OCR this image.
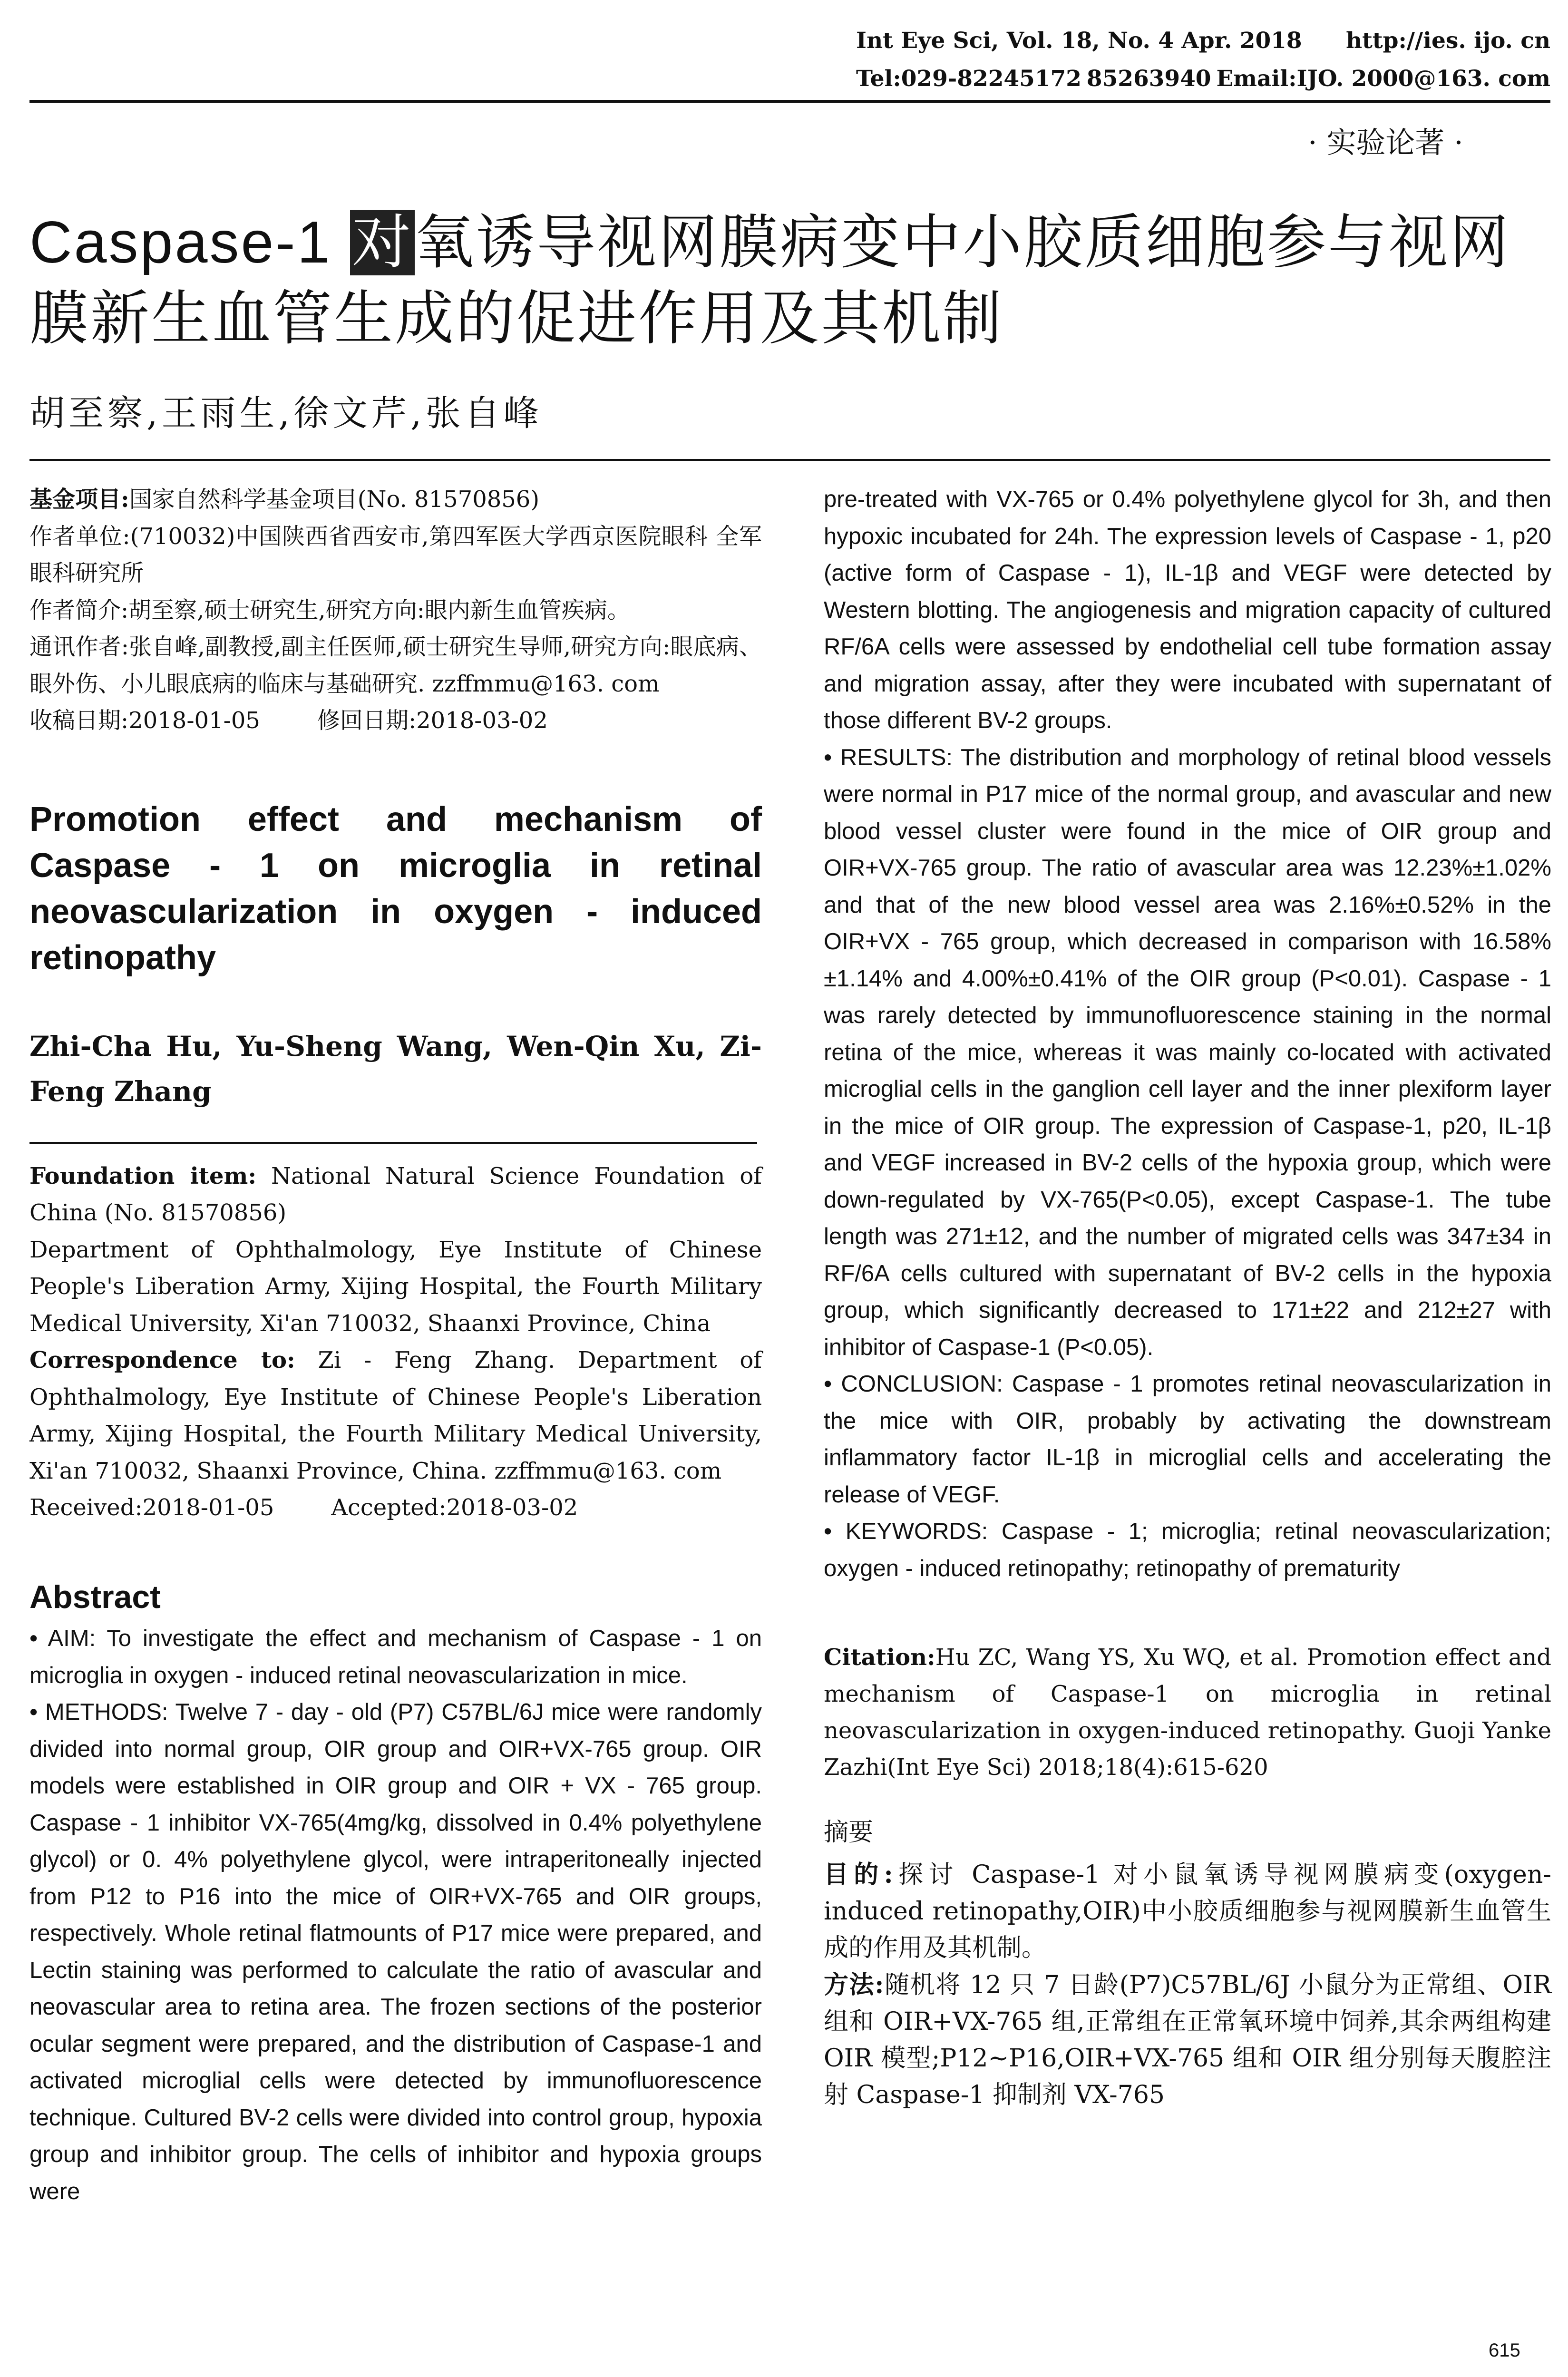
Int Eye Sci, Vol. 18, No. 4 Apr. 2018 http://ies. ijo. cn
Tel:029-82245172 85263940 Email:IJO. 2000@163. com
· 实验论著 ·
Caspase-1 对氧诱导视网膜病变中小胶质细胞参与视网膜新生血管生成的促进作用及其机制
胡至察,王雨生,徐文芹,张自峰
基金项目:国家自然科学基金项目(No. 81570856)
作者单位:(710032)中国陕西省西安市,第四军医大学西京医院眼科 全军眼科研究所
作者简介:胡至察,硕士研究生,研究方向:眼内新生血管疾病。
通讯作者:张自峰,副教授,副主任医师,硕士研究生导师,研究方向:眼底病、眼外伤、小儿眼底病的临床与基础研究. zzffmmu@163. com
收稿日期:2018-01-05	修回日期:2018-03-02
Promotion effect and mechanism of Caspase - 1 on microglia in retinal neovascularization in oxygen - induced retinopathy
Zhi-Cha Hu, Yu-Sheng Wang, Wen-Qin Xu, Zi-Feng Zhang
Foundation item: National Natural Science Foundation of China (No. 81570856)
Department of Ophthalmology, Eye Institute of Chinese People's Liberation Army, Xijing Hospital, the Fourth Military Medical University, Xi'an 710032, Shaanxi Province, China
Correspondence to: Zi - Feng Zhang. Department of Ophthalmology, Eye Institute of Chinese People's Liberation Army, Xijing Hospital, the Fourth Military Medical University, Xi'an 710032, Shaanxi Province, China. zzffmmu@163. com
Received:2018-01-05	Accepted:2018-03-02
Abstract

• AIM: To investigate the effect and mechanism of Caspase - 1 on microglia in oxygen - induced retinal neovascularization in mice.

• METHODS: Twelve 7 - day - old (P7) C57BL/6J mice were randomly divided into normal group, OIR group and OIR+VX-765 group. OIR models were established in OIR group and OIR + VX - 765 group. Caspase - 1 inhibitor VX-765(4mg/kg, dissolved in 0.4% polyethylene glycol) or 0. 4% polyethylene glycol, were intraperitoneally injected from P12 to P16 into the mice of OIR+VX-765 and OIR groups, respectively. Whole retinal flatmounts of P17 mice were prepared, and Lectin staining was performed to calculate the ratio of avascular and neovascular area to retina area. The frozen sections of the posterior ocular segment were prepared, and the distribution of Caspase-1 and activated microglial cells were detected by immunofluorescence technique. Cultured BV-2 cells were divided into control group, hypoxia group and inhibitor group. The cells of inhibitor and hypoxia groups were

pre-treated with VX-765 or 0.4% polyethylene glycol for 3h, and then hypoxic incubated for 24h. The expression levels of Caspase - 1, p20 (active form of Caspase - 1), IL-1β and VEGF were detected by Western blotting. The angiogenesis and migration capacity of cultured RF/6A cells were assessed by endothelial cell tube formation assay and migration assay, after they were incubated with supernatant of those different BV-2 groups.

• RESULTS: The distribution and morphology of retinal blood vessels were normal in P17 mice of the normal group, and avascular and new blood vessel cluster were found in the mice of OIR group and OIR+VX-765 group. The ratio of avascular area was 12.23%±1.02% and that of the new blood vessel area was 2.16%±0.52% in the OIR+VX - 765 group, which decreased in comparison with 16.58%±1.14% and 4.00%±0.41% of the OIR group (P<0.01). Caspase - 1 was rarely detected by immunofluorescence staining in the normal retina of the mice, whereas it was mainly co-located with activated microglial cells in the ganglion cell layer and the inner plexiform layer in the mice of OIR group. The expression of Caspase-1, p20, IL-1β and VEGF increased in BV-2 cells of the hypoxia group, which were down-regulated by VX-765(P<0.05), except Caspase-1. The tube length was 271±12, and the number of migrated cells was 347±34 in RF/6A cells cultured with supernatant of BV-2 cells in the hypoxia group, which significantly decreased to 171±22 and 212±27 with inhibitor of Caspase-1 (P<0.05).

• CONCLUSION: Caspase - 1 promotes retinal neovascularization in the mice with OIR, probably by activating the downstream inflammatory factor IL-1β in microglial cells and accelerating the release of VEGF.

• KEYWORDS: Caspase - 1; microglia; retinal neovascularization; oxygen - induced retinopathy; retinopathy of prematurity

Citation:Hu ZC, Wang YS, Xu WQ, et al. Promotion effect and mechanism of Caspase-1 on microglia in retinal neovascularization in oxygen-induced retinopathy. Guoji Yanke Zazhi(Int Eye Sci) 2018;18(4):615-620
摘要

目的:探讨 Caspase-1 对小鼠氧诱导视网膜病变(oxygen-induced retinopathy,OIR)中小胶质细胞参与视网膜新生血管生成的作用及其机制。

方法:随机将 12 只 7 日龄(P7)C57BL/6J 小鼠分为正常组、OIR 组和 OIR+VX-765 组,正常组在正常氧环境中饲养,其余两组构建 OIR 模型;P12~P16,OIR+VX-765 组和 OIR 组分别每天腹腔注射 Caspase-1 抑制剂 VX-765

615
